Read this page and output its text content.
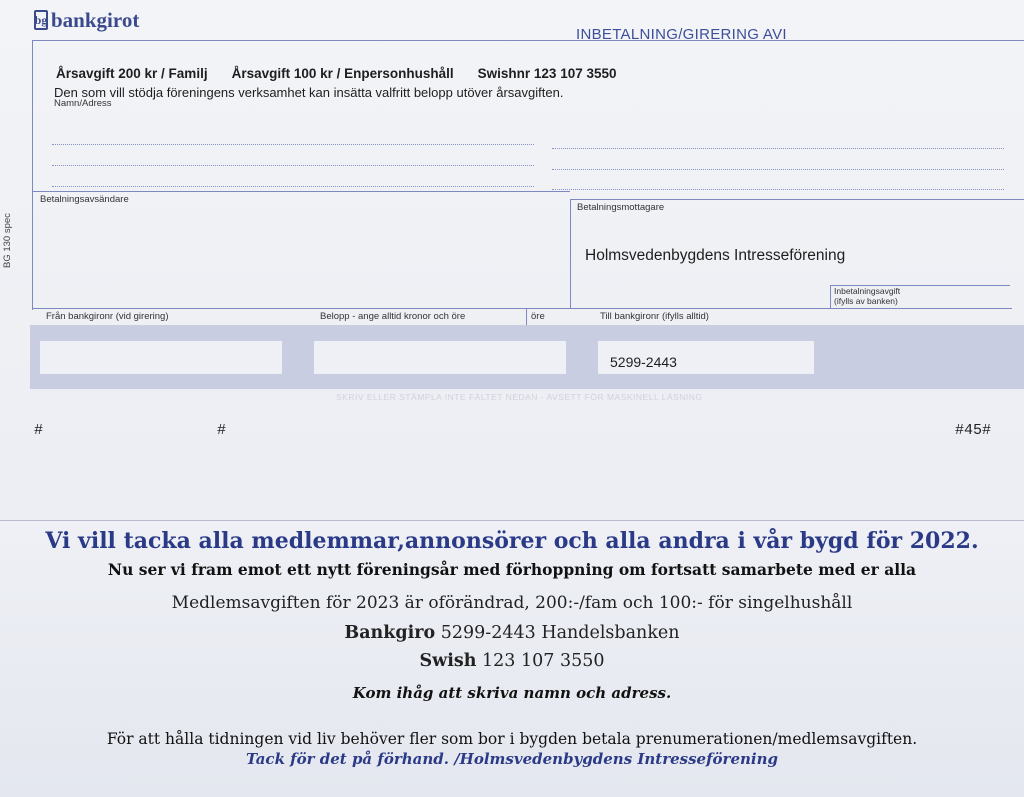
bg bankgirot
INBETALNING/GIRERING AVI
Årsavgift 200 kr / Familj Årsavgift 100 kr / Enpersonhushåll Swishnr 123 107 3550
Den som vill stödja föreningens verksamhet kan insätta valfritt belopp utöver årsavgiften.
Namn/Adress
Betalningsavsändare
Betalningsmottagare
Holmsvedenbygdens Intresseförening
Inbetalningsavgift
(ifylls av banken)
BG 130 spec
Från bankgironr (vid girering)	Belopp - ange alltid kronor och öre	öre	Till bankgironr (ifylls alltid)
5299-2443
SKRIV ELLER STÄMPLA INTE FÄLTET NEDAN - AVSETT FÖR MASKINELL LÄSNING
#	#	#45#
Vi vill tacka alla medlemmar,annonsörer och alla andra i vår bygd för 2022.
Nu ser vi fram emot ett nytt föreningsår med förhoppning om fortsatt samarbete med er alla
Medlemsavgiften för 2023 är oförändrad, 200:-/fam och 100:- för singelhushåll
Bankgiro 5299-2443 Handelsbanken
Swish 123 107 3550
Kom ihåg att skriva namn och adress.
För att hålla tidningen vid liv behöver fler som bor i bygden betala prenumerationen/medlemsavgiften.
Tack för det på förhand. /Holmsvedenbygdens Intresseförening
